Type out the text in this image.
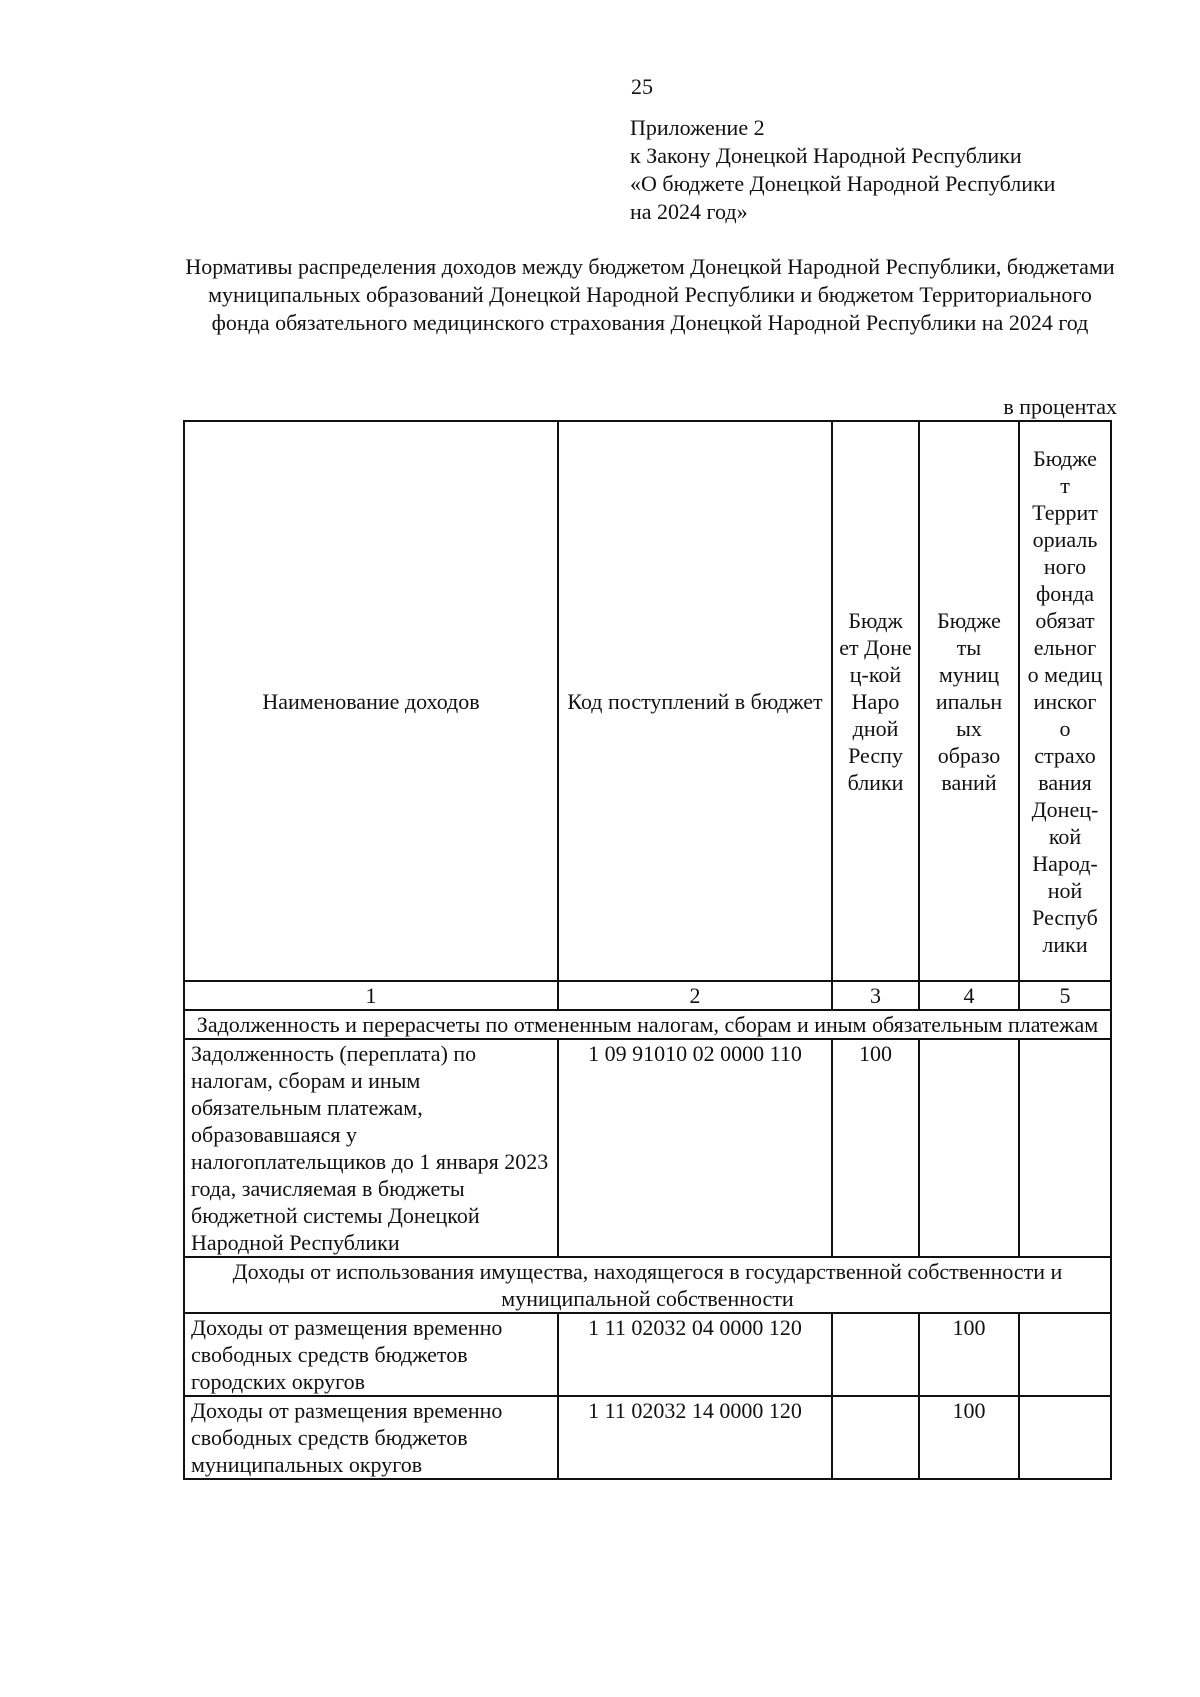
25
Приложение 2
к Закону Донецкой Народной Республики
«О бюджете Донецкой Народной Республики
на 2024 год»
Нормативы распределения доходов между бюджетом Донецкой Народной Республики, бюджетами муниципальных образований Донецкой Народной Республики и бюджетом Территориального фонда обязательного медицинского страхования Донецкой Народной Республики на 2024 год
в процентах
Наименование доходов	Код поступлений в бюджет	Бюдж ет Доне ц-кой Наро дной Респу блики	Бюдже ты муниц ипальн ых образо ваний	Бюдже т Террит ориаль ного фонда обязат ельног о медиц инског о страхо вания Донец-кой Народ-ной Респуб лики
1	2	3	4	5
Задолженность и перерасчеты по отмененным налогам, сборам и иным обязательным платежам				
Задолженность (переплата) по налогам, сборам и иным обязательным платежам, образовавшаяся у налогоплательщиков до 1 января 2023 года, зачисляемая в бюджеты бюджетной системы Донецкой Народной Республики	1 09 91010 02 0000 110	100		
Доходы от использования имущества, находящегося в государственной собственности и муниципальной собственности				
Доходы от размещения временно свободных средств бюджетов городских округов	1 11 02032 04 0000 120		100	
Доходы от размещения временно свободных средств бюджетов муниципальных округов	1 11 02032 14 0000 120		100	
